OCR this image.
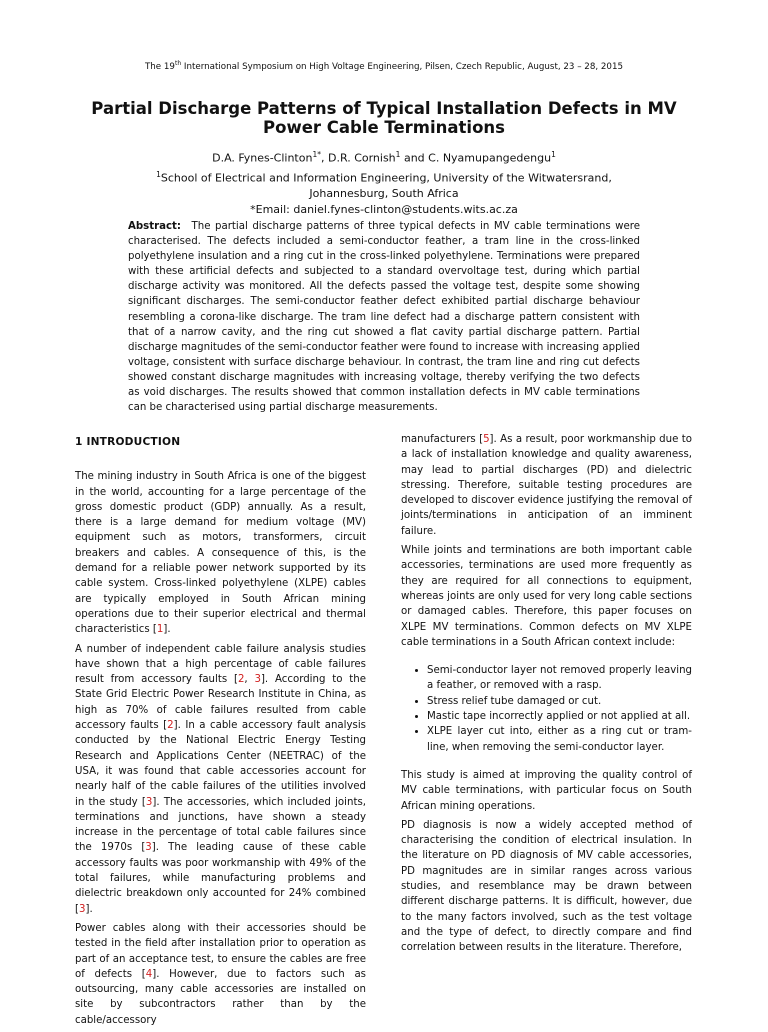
The 19th International Symposium on High Voltage Engineering, Pilsen, Czech Republic, August, 23 – 28, 2015
Partial Discharge Patterns of Typical Installation Defects in MV Power Cable Terminations
D.A. Fynes-Clinton$^{1*}$, D.R. Cornish$^1$ and C. Nyamupangedengu$^1$
$^1$School of Electrical and Information Engineering, University of the Witwatersrand,
Johannesburg, South Africa
*Email: daniel.fynes-clinton@students.wits.ac.za
Abstract: The partial discharge patterns of three typical defects in MV cable terminations were characterised. The defects included a semi-conductor feather, a tram line in the cross-linked polyethylene insulation and a ring cut in the cross-linked polyethylene. Terminations were prepared with these artificial defects and subjected to a standard overvoltage test, during which partial discharge activity was monitored. All the defects passed the voltage test, despite some showing significant discharges. The semi-conductor feather defect exhibited partial discharge behaviour resembling a corona-like discharge. The tram line defect had a discharge pattern consistent with that of a narrow cavity, and the ring cut showed a flat cavity partial discharge pattern. Partial discharge magnitudes of the semi-conductor feather were found to increase with increasing applied voltage, consistent with surface discharge behaviour. In contrast, the tram line and ring cut defects showed constant discharge magnitudes with increasing voltage, thereby verifying the two defects as void discharges. The results showed that common installation defects in MV cable terminations can be characterised using partial discharge measurements.
1 INTRODUCTION

The mining industry in South Africa is one of the biggest in the world, accounting for a large percentage of the gross domestic product (GDP) annually. As a result, there is a large demand for medium voltage (MV) equipment such as motors, transformers, circuit breakers and cables. A consequence of this, is the demand for a reliable power network supported by its cable system. Cross-linked polyethylene (XLPE) cables are typically employed in South African mining operations due to their superior electrical and thermal characteristics [1].

A number of independent cable failure analysis studies have shown that a high percentage of cable failures result from accessory faults [2, 3]. According to the State Grid Electric Power Research Institute in China, as high as 70% of cable failures resulted from cable accessory faults [2]. In a cable accessory fault analysis conducted by the National Electric Energy Testing Research and Applications Center (NEETRAC) of the USA, it was found that cable accessories account for nearly half of the cable failures of the utilities involved in the study [3]. The accessories, which included joints, terminations and junctions, have shown a steady increase in the percentage of total cable failures since the 1970s [3]. The leading cause of these cable accessory faults was poor workmanship with 49% of the total failures, while manufacturing problems and dielectric breakdown only accounted for 24% combined [3].

Power cables along with their accessories should be tested in the field after installation prior to operation as part of an acceptance test, to ensure the cables are free of defects [4]. However, due to factors such as outsourcing, many cable accessories are installed on site by subcontractors rather than by the cable/accessory

manufacturers [5]. As a result, poor workmanship due to a lack of installation knowledge and quality awareness, may lead to partial discharges (PD) and dielectric stressing. Therefore, suitable testing procedures are developed to discover evidence justifying the removal of joints/terminations in anticipation of an imminent failure.

While joints and terminations are both important cable accessories, terminations are used more frequently as they are required for all connections to equipment, whereas joints are only used for very long cable sections or damaged cables. Therefore, this paper focuses on XLPE MV terminations. Common defects on MV XLPE cable terminations in a South African context include:

• Semi-conductor layer not removed properly leaving a feather, or removed with a rasp.
• Stress relief tube damaged or cut.
• Mastic tape incorrectly applied or not applied at all.
• XLPE layer cut into, either as a ring cut or tram-line, when removing the semi-conductor layer.

This study is aimed at improving the quality control of MV cable terminations, with particular focus on South African mining operations.

PD diagnosis is now a widely accepted method of characterising the condition of electrical insulation. In the literature on PD diagnosis of MV cable accessories, PD magnitudes are in similar ranges across various studies, and resemblance may be drawn between different discharge patterns. It is difficult, however, due to the many factors involved, such as the test voltage and the type of defect, to directly compare and find correlation between results in the literature. Therefore,
